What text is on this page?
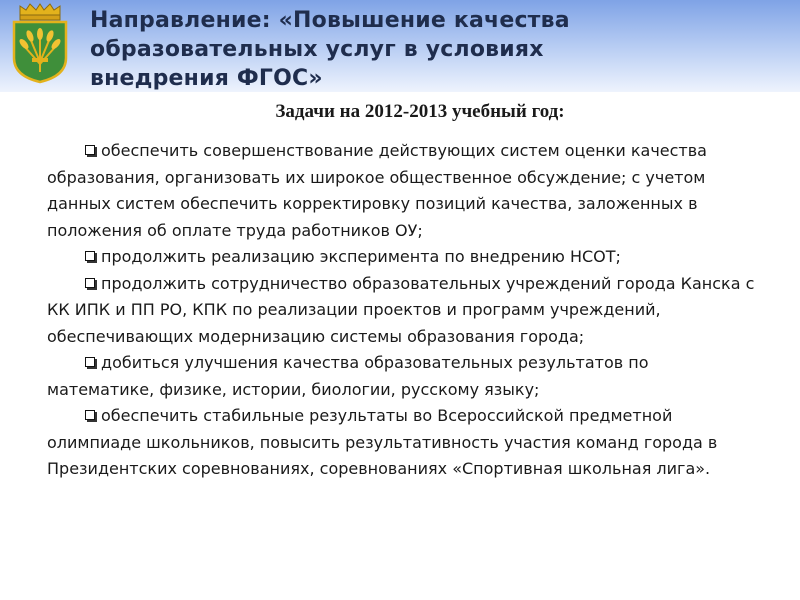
Направление: «Повышение качества
образовательных услуг в условиях
внедрения ФГОС»
Задачи на 2012-2013 учебный год:

обеспечить совершенствование действующих систем оценки качества образования, организовать их широкое общественное обсуждение; с учетом данных систем обеспечить корректировку позиций качества, заложенных в положения об оплате труда работников ОУ;

продолжить реализацию эксперимента по внедрению НСОТ;

продолжить сотрудничество образовательных учреждений города Канска с КК ИПК и ПП РО, КПК по реализации проектов и программ учреждений, обеспечивающих модернизацию системы образования города;

добиться улучшения качества образовательных результатов по математике, физике, истории, биологии, русскому языку;

обеспечить стабильные результаты во Всероссийской предметной олимпиаде школьников, повысить результативность участия команд города в Президентских соревнованиях, соревнованиях «Спортивная школьная лига».
